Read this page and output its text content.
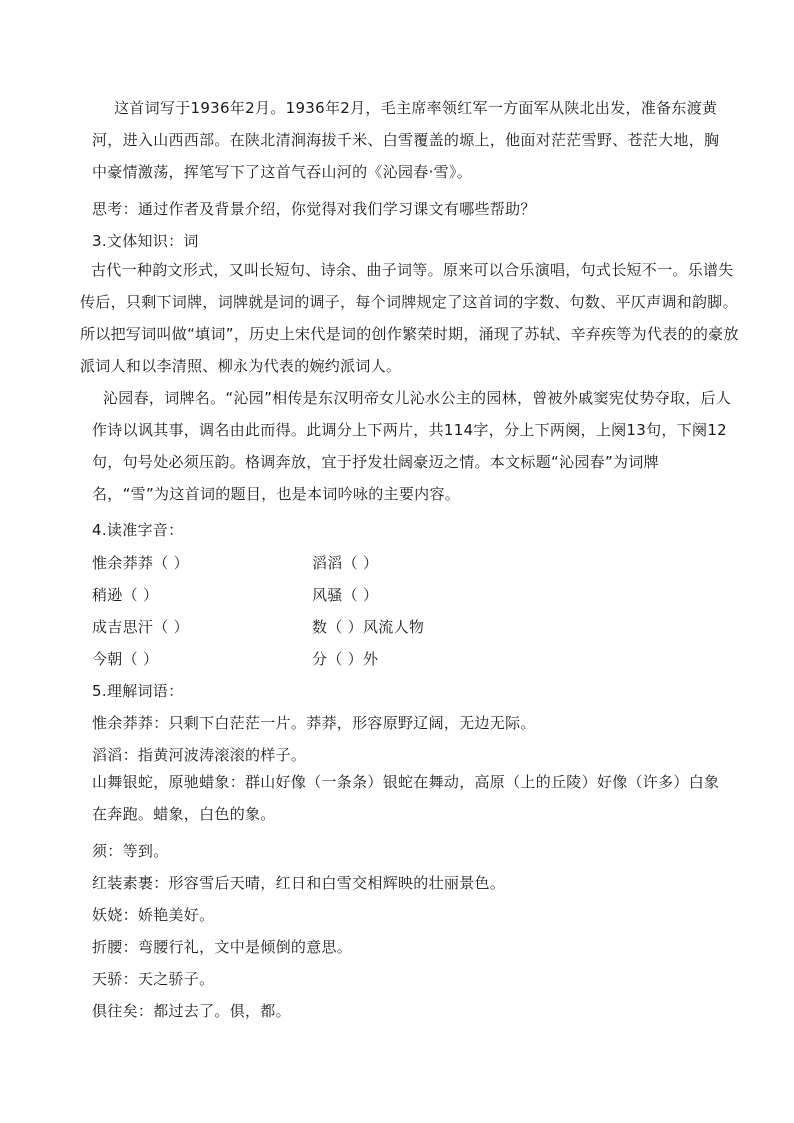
这首词写于1936年2月。1936年2月，毛主席率领红军一方面军从陕北出发，准备东渡黄河，进入山西西部。在陕北清涧海拔千米、白雪覆盖的塬上，他面对茫茫雪野、苍茫大地，胸中豪情激荡，挥笔写下了这首气吞山河的《沁园春·雪》。

思考：通过作者及背景介绍，你觉得对我们学习课文有哪些帮助？
3.文体知识：词

古代一种韵文形式，又叫长短句、诗余、曲子词等。原来可以合乐演唱，句式长短不一。乐谱失传后，只剩下词牌，词牌就是词的调子，每个词牌规定了这首词的字数、句数、平仄声调和韵脚。所以把写词叫做“填词”，历史上宋代是词的创作繁荣时期，涌现了苏轼、辛弃疾等为代表的的豪放派词人和以李清照、柳永为代表的婉约派词人。

沁园春，词牌名。“沁园”相传是东汉明帝女儿沁水公主的园林，曾被外戚窦宪仗势夺取，后人作诗以讽其事，调名由此而得。此调分上下两片，共114字，分上下两阕，上阕13句，下阕12句，句号处必须压韵。格调奔放，宜于抒发壮阔豪迈之情。本文标题“沁园春”为词牌名，“雪”为这首词的题目，也是本词吟咏的主要内容。

4.读准字音：
惟余莽莽（ ）	滔滔（ ）
稍逊（ ）	风骚（ ）
成吉思汗（ ）	数（ ）风流人物
今朝（ ）	分（ ）外
5.理解词语：
惟余莽莽：只剩下白茫茫一片。莽莽，形容原野辽阔，无边无际。
滔滔：指黄河波涛滚滚的样子。

山舞银蛇，原驰蜡象：群山好像（一条条）银蛇在舞动，高原（上的丘陵）好像（许多）白象在奔跑。蜡象，白色的象。

须：等到。
红装素裹：形容雪后天晴，红日和白雪交相辉映的壮丽景色。
妖娆：娇艳美好。
折腰：弯腰行礼，文中是倾倒的意思。
天骄：天之骄子。
俱往矣：都过去了。俱，都。
